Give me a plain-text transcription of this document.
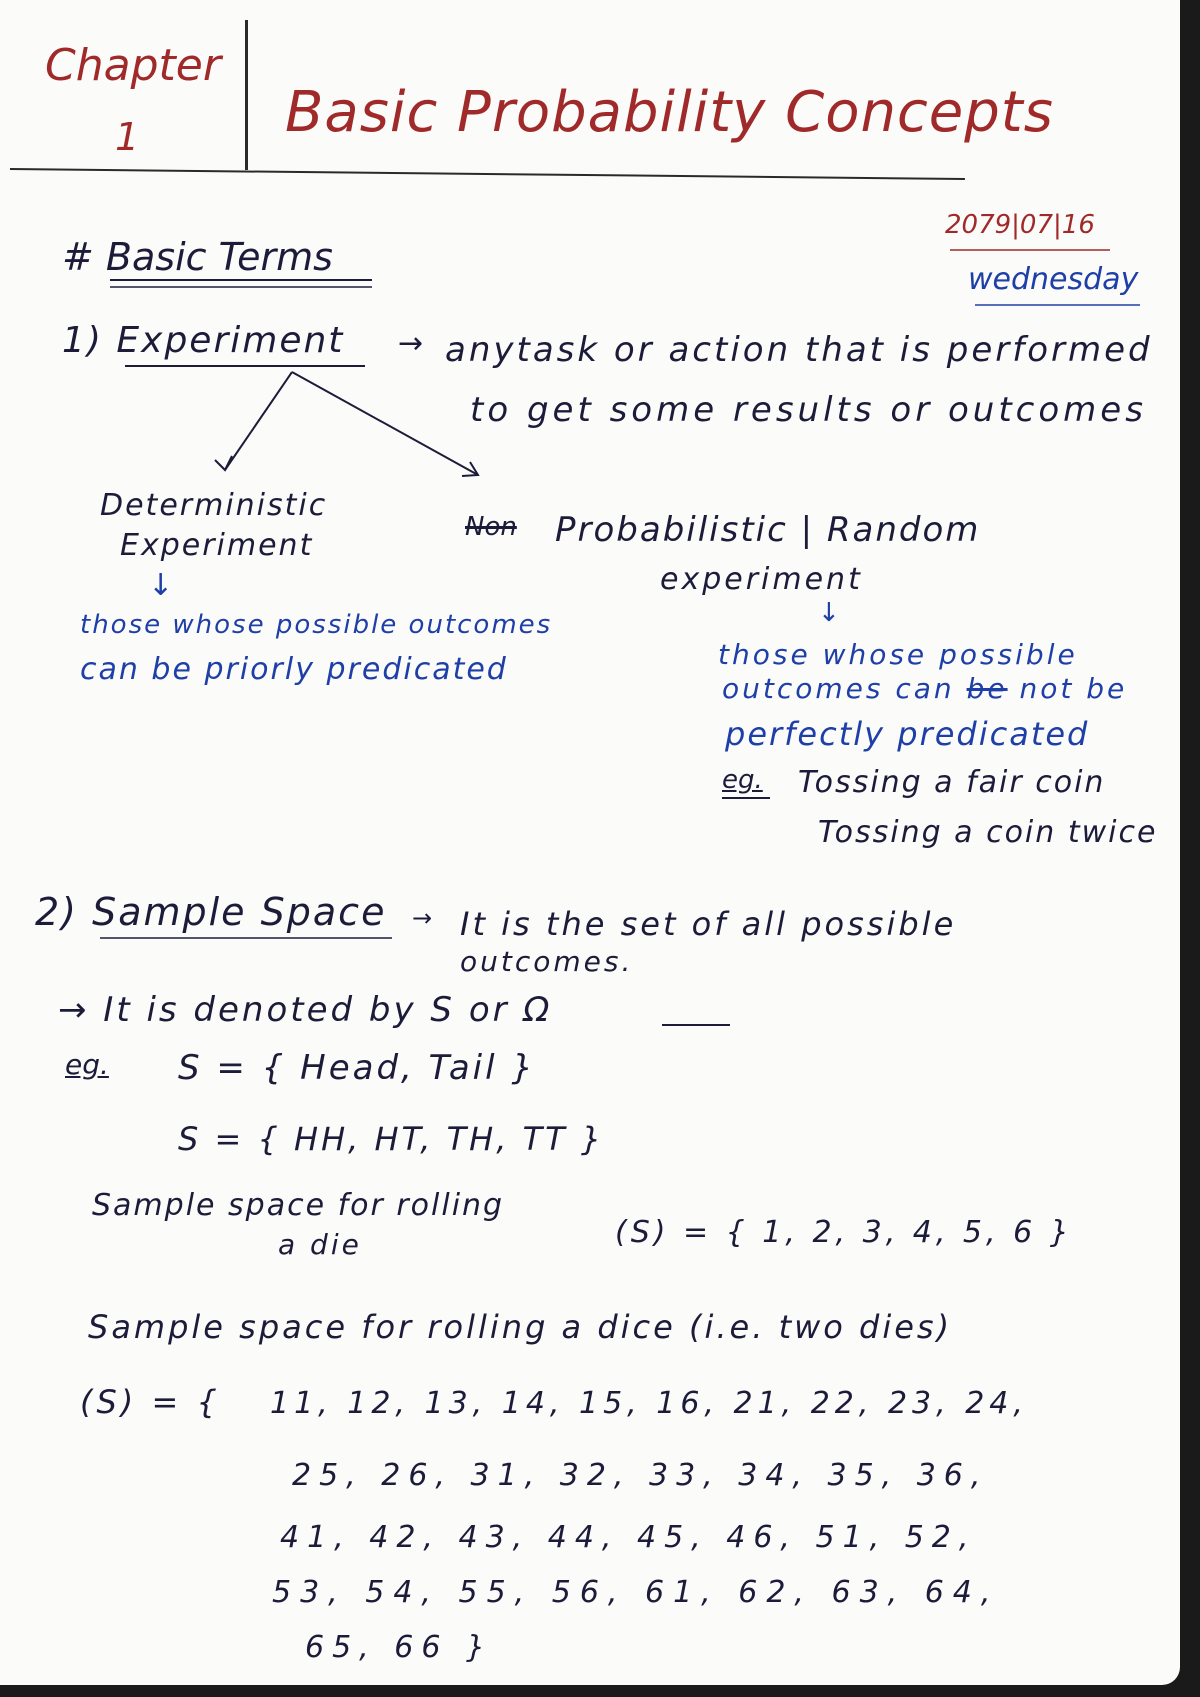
Chapter
1	Basic Probability Concepts
2079|07|16
wednesday
# Basic Terms
1) Experiment → anytask or action that is performed
to get some results or outcomes
Deterministic
Experiment
↓
those whose possible outcomes
can be priorly predicated
Non Probabilistic | Random
experiment
↓
those whose possible
outcomes can be not be
perfectly predicated
eg. Tossing a fair coin
Tossing a coin twice
2) Sample Space → It is the set of all possible
outcomes.
→ It is denoted by S or Ω
eg. S = { Head, Tail }
S = { HH, HT, TH, TT }
Sample space for rolling
a die	(S) = { 1, 2, 3, 4, 5, 6 }
Sample space for rolling a dice (i.e. two dies)
(S) = { 11, 12, 13, 14, 15, 16, 21, 22, 23, 24,
25, 26, 31, 32, 33, 34, 35, 36,
41, 42, 43, 44, 45, 46, 51, 52,
53, 54, 55, 56, 61, 62, 63, 64,
65, 66 }
